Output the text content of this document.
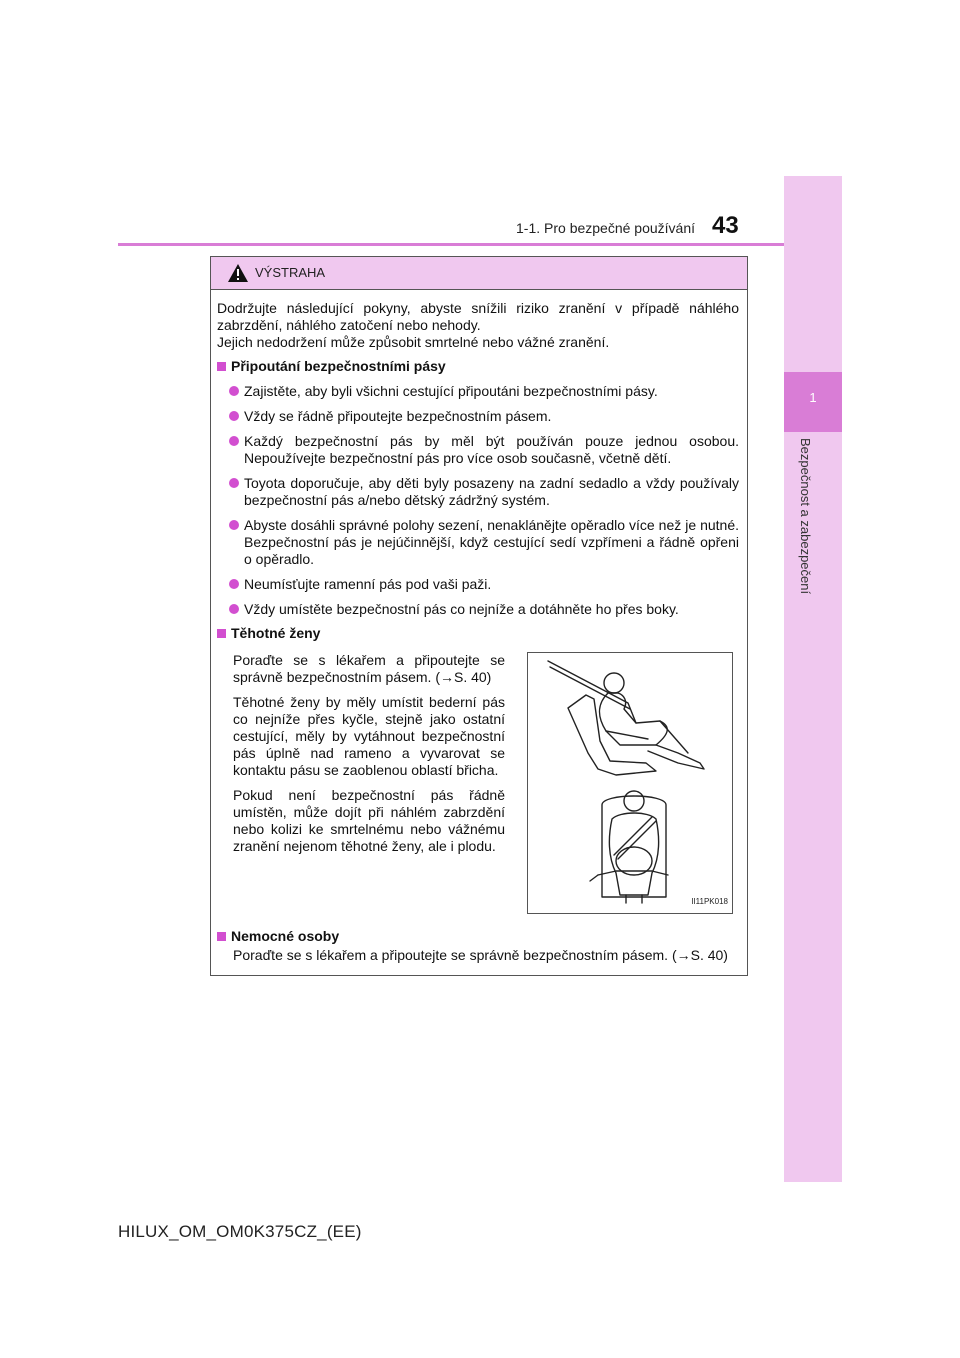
1
Bezpečnost a zabezpečení
1-1. Pro bezpečné používání 43
VÝSTRAHA

Dodržujte následující pokyny, abyste snížili riziko zranění v případě náhlého zabrzdění, náhlého zatočení nebo nehody.

Jejich nedodržení může způsobit smrtelné nebo vážné zranění.

Připoutání bezpečnostními pásy
Zajistěte, aby byli všichni cestující připoutáni bezpečnostními pásy.
Vždy se řádně připoutejte bezpečnostním pásem.
Každý bezpečnostní pás by měl být používán pouze jednou osobou. Nepoužívejte bezpečnostní pás pro více osob současně, včetně dětí.
Toyota doporučuje, aby děti byly posazeny na zadní sedadlo a vždy používaly bezpečnostní pás a/nebo dětský zádržný systém.
Abyste dosáhli správné polohy sezení, nenaklánějte opěradlo více než je nutné. Bezpečnostní pás je nejúčinnější, když cestující sedí vzpřímeni a řádně opřeni o opěradlo.
Neumísťujte ramenní pás pod vaši paži.
Vždy umístěte bezpečnostní pás co nejníže a dotáhněte ho přes boky.
Těhotné ženy

Poraďte se s lékařem a připoutejte se správně bezpečnostním pásem. (→S. 40)

Těhotné ženy by měly umístit bederní pás co nejníže přes kyčle, stejně jako ostatní cestující, měly by vytáhnout bezpečnostní pás úplně nad rameno a vyvarovat se kontaktu pásu se zaoblenou oblastí břicha.

Pokud není bezpečnostní pás řádně umístěn, může dojít při náhlém zabrzdění nebo kolizi ke smrtelnému nebo vážnému zranění nejenom těhotné ženy, ale i plodu.

II11PK018
Nemocné osoby

Poraďte se s lékařem a připoutejte se správně bezpečnostním pásem. (→S. 40)

HILUX_OM_OM0K375CZ_(EE)
